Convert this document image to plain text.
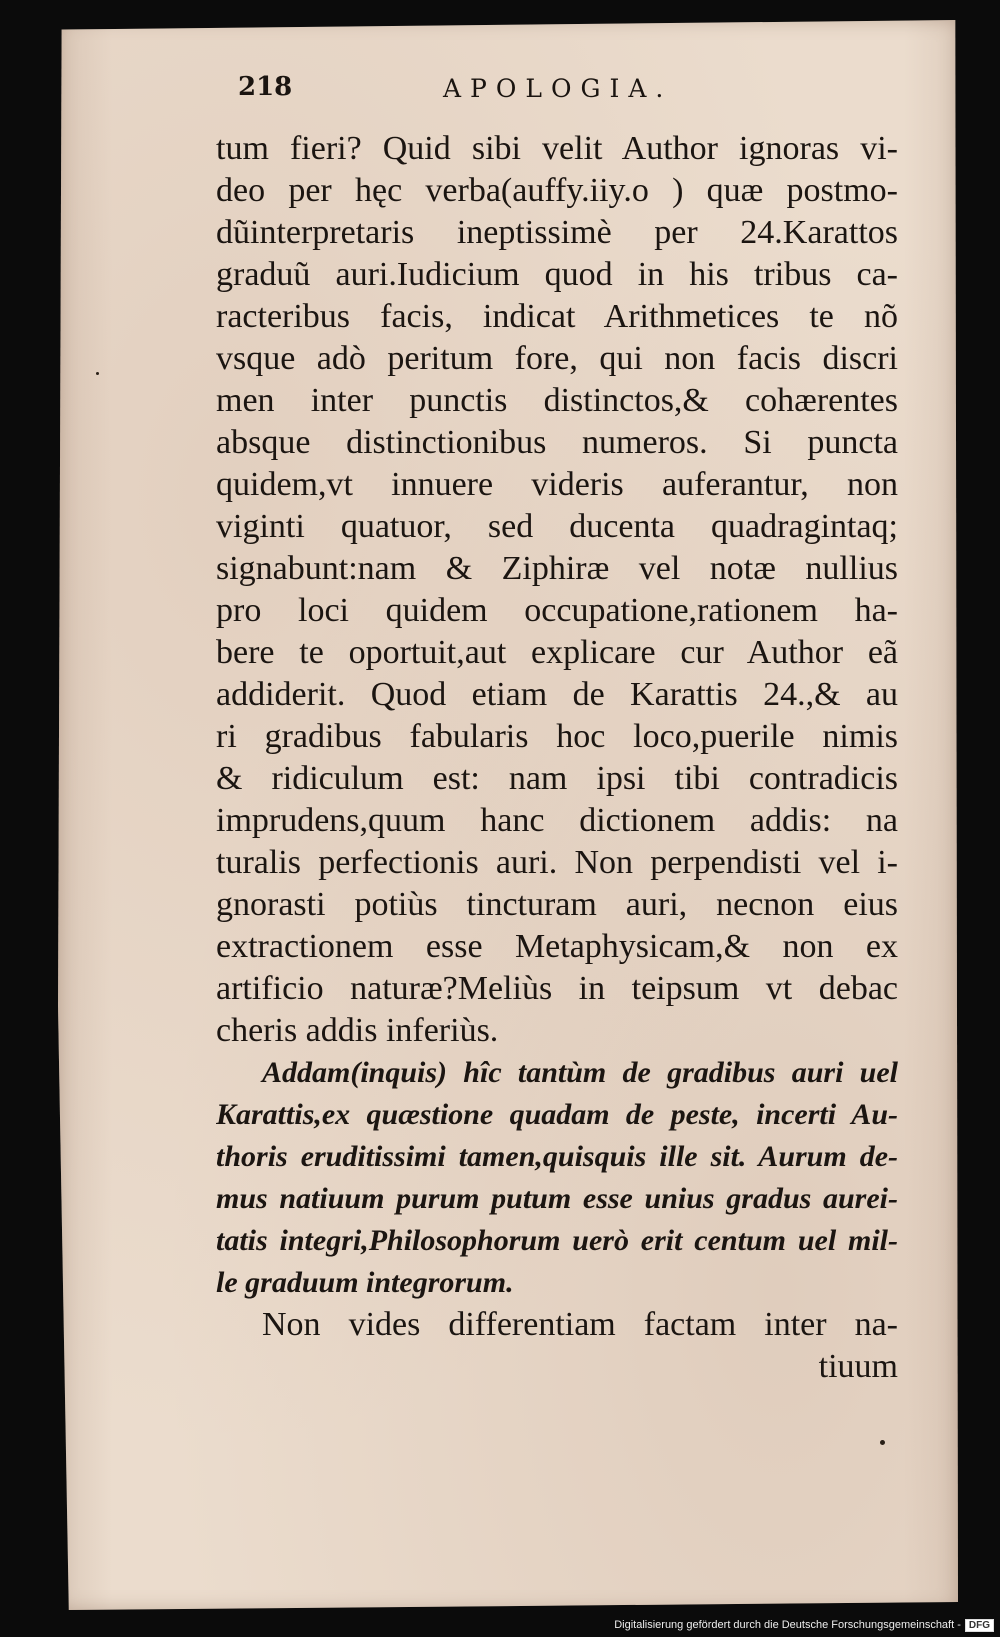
218	APOLOGIA.
tum fieri? Quid sibi velit Author ignoras vi-
deo per hęc verba(auffy.iiy.o ) quæ postmo-
dũinterpretaris ineptissimè per 24.Karattos
graduũ auri.Iudicium quod in his tribus ca-
racteribus facis, indicat Arithmetices te nõ
vsque adò peritum fore, qui non facis discri
men inter punctis distinctos,& cohærentes
absque distinctionibus numeros. Si puncta
quidem,vt innuere videris auferantur, non
viginti quatuor, sed ducenta quadragintaq;
signabunt:nam & Ziphiræ vel notæ nullius
pro loci quidem occupatione,rationem ha-
bere te oportuit,aut explicare cur Author eã
addiderit. Quod etiam de Karattis 24.,& au
ri gradibus fabularis hoc loco,puerile nimis
& ridiculum est: nam ipsi tibi contradicis
imprudens,quum hanc dictionem addis: na
turalis perfectionis auri. Non perpendisti vel i-
gnorasti potiùs tincturam auri, necnon eius
extractionem esse Metaphysicam,& non ex
artificio naturæ?Meliùs in teipsum vt debac
cheris addis inferiùs.
Addam(inquis) hîc tantùm de gradibus auri uel
Karattis,ex quæstione quadam de peste, incerti Au-
thoris eruditissimi tamen,quisquis ille sit. Aurum de-
mus natiuum purum putum esse unius gradus aurei-
tatis integri,Philosophorum uerò erit centum uel mil-
le graduum integrorum.
Non vides differentiam factam inter na-
tiuum
Digitalisierung gefördert durch die Deutsche Forschungsgemeinschaft - DFG
